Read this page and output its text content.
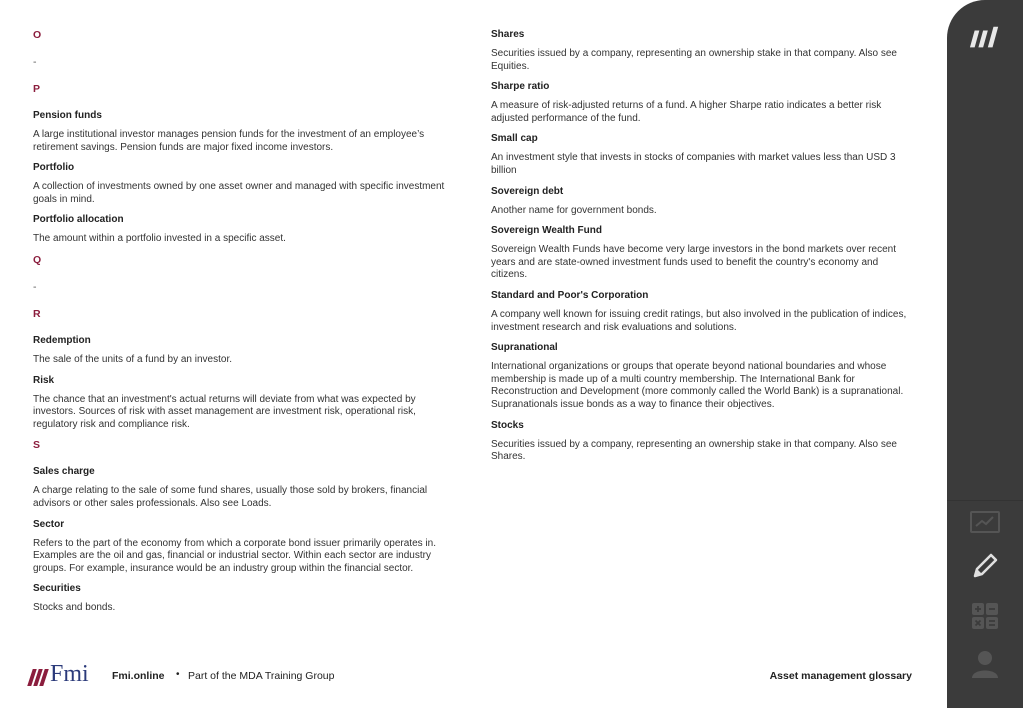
O
-
P
Pension funds
A large institutional investor manages pension funds for the investment of an employee’s retirement savings. Pension funds are major fixed income investors.
Portfolio
A collection of investments owned by one asset owner and managed with specific investment goals in mind.
Portfolio allocation
The amount within a portfolio invested in a specific asset.
Q
-
R
Redemption
The sale of the units of a fund by an investor.
Risk
The chance that an investment's actual returns will deviate from what was expected by investors. Sources of risk with asset management are investment risk, operational risk, regulatory risk and compliance risk.
S
Sales charge
A charge relating to the sale of some fund shares, usually those sold by brokers, financial advisors or other sales professionals. Also see Loads.
Sector
Refers to the part of the economy from which a corporate bond issuer primarily operates in. Examples are the oil and gas, financial or industrial sector. Within each sector are industry groups. For example, insurance would be an industry group within the financial sector.
Securities
Stocks and bonds.
Shares
Securities issued by a company, representing an ownership stake in that company. Also see Equities.
Sharpe ratio
A measure of risk-adjusted returns of a fund. A higher Sharpe ratio indicates a better risk adjusted performance of the fund.
Small cap
An investment style that invests in stocks of companies with market values less than USD 3 billion
Sovereign debt
Another name for government bonds.
Sovereign Wealth Fund
Sovereign Wealth Funds have become very large investors in the bond markets over recent years and are state-owned investment funds used to benefit the country's economy and citizens.
Standard and Poor's Corporation
A company well known for issuing credit ratings, but also involved in the publication of indices, investment research and risk evaluations and solutions.
Supranational
International organizations or groups that operate beyond national boundaries and whose membership is made up of a multi country membership. The International Bank for Reconstruction and Development (more commonly called the World Bank) is a supranational. Supranationals issue bonds as a way to finance their objectives.
Stocks
Securities issued by a company, representing an ownership stake in that company. Also see Shares.
Fmi Fmi.online • Part of the MDA Training Group	Asset management glossary
